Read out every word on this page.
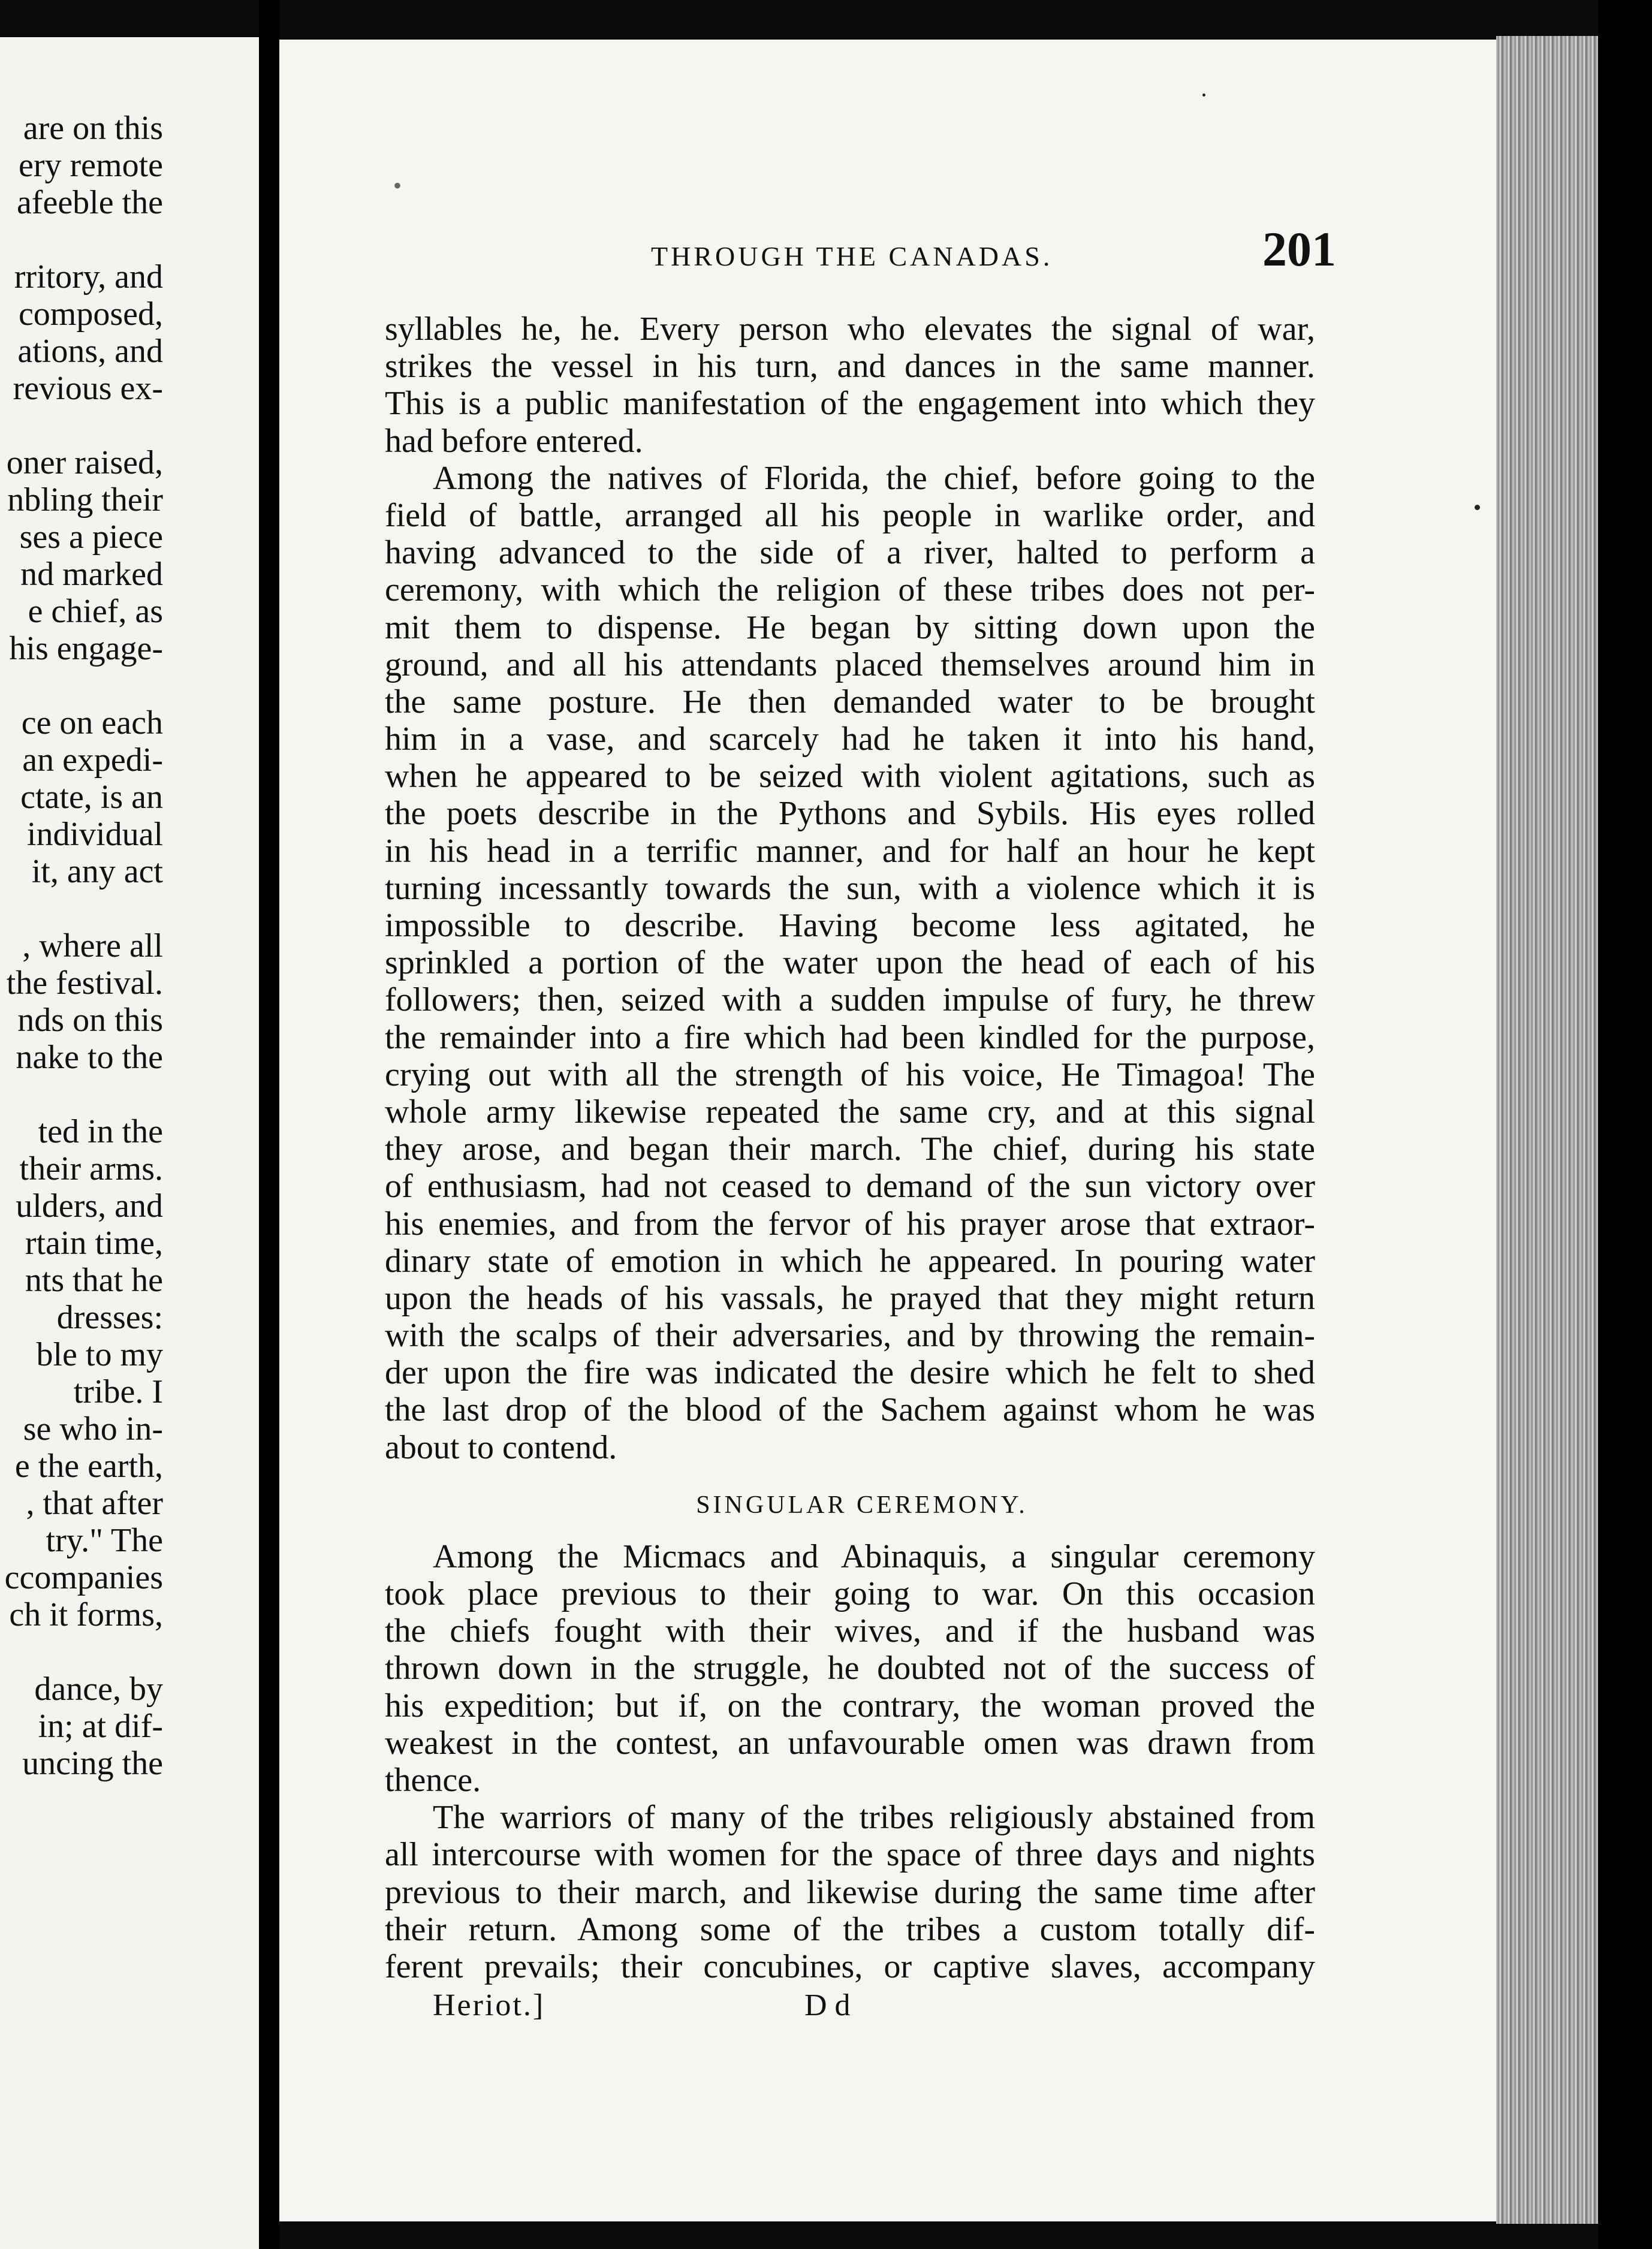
are on this
ery remote
afeeble the
rritory, and
composed,
ations, and
revious ex-
oner raised,
nbling their
ses a piece
nd marked
e chief, as
his engage-
ce on each
an expedi-
ctate, is an
individual
it, any act
, where all
the festival.
nds on this
nake to the
ted in the
their arms.
ulders, and
rtain time,
nts that he
dresses:
ble to my
tribe. I
se who in-
e the earth,
, that after
try." The
ccompanies
ch it forms,
dance, by
in; at dif-
uncing the
•
THROUGH THE CANADAS.	201
syllables he, he. Every person who elevates the signal of war,
strikes the vessel in his turn, and dances in the same manner.
This is a public manifestation of the engagement into which they
had before entered.
Among the natives of Florida, the chief, before going to the
field of battle, arranged all his people in warlike order, and
having advanced to the side of a river, halted to perform a
ceremony, with which the religion of these tribes does not per-
mit them to dispense. He began by sitting down upon the
ground, and all his attendants placed themselves around him in
the same posture. He then demanded water to be brought
him in a vase, and scarcely had he taken it into his hand,
when he appeared to be seized with violent agitations, such as
the poets describe in the Pythons and Sybils. His eyes rolled
in his head in a terrific manner, and for half an hour he kept
turning incessantly towards the sun, with a violence which it is
impossible to describe. Having become less agitated, he
sprinkled a portion of the water upon the head of each of his
followers; then, seized with a sudden impulse of fury, he threw
the remainder into a fire which had been kindled for the purpose,
crying out with all the strength of his voice, He Timagoa! The
whole army likewise repeated the same cry, and at this signal
they arose, and began their march. The chief, during his state
of enthusiasm, had not ceased to demand of the sun victory over
his enemies, and from the fervor of his prayer arose that extraor-
dinary state of emotion in which he appeared. In pouring water
upon the heads of his vassals, he prayed that they might return
with the scalps of their adversaries, and by throwing the remain-
der upon the fire was indicated the desire which he felt to shed
the last drop of the blood of the Sachem against whom he was
about to contend.
SINGULAR CEREMONY.
Among the Micmacs and Abinaquis, a singular ceremony
took place previous to their going to war. On this occasion
the chiefs fought with their wives, and if the husband was
thrown down in the struggle, he doubted not of the success of
his expedition; but if, on the contrary, the woman proved the
weakest in the contest, an unfavourable omen was drawn from
thence.
The warriors of many of the tribes religiously abstained from
all intercourse with women for the space of three days and nights
previous to their march, and likewise during the same time after
their return. Among some of the tribes a custom totally dif-
ferent prevails; their concubines, or captive slaves, accompany
Heriot.]	D d
